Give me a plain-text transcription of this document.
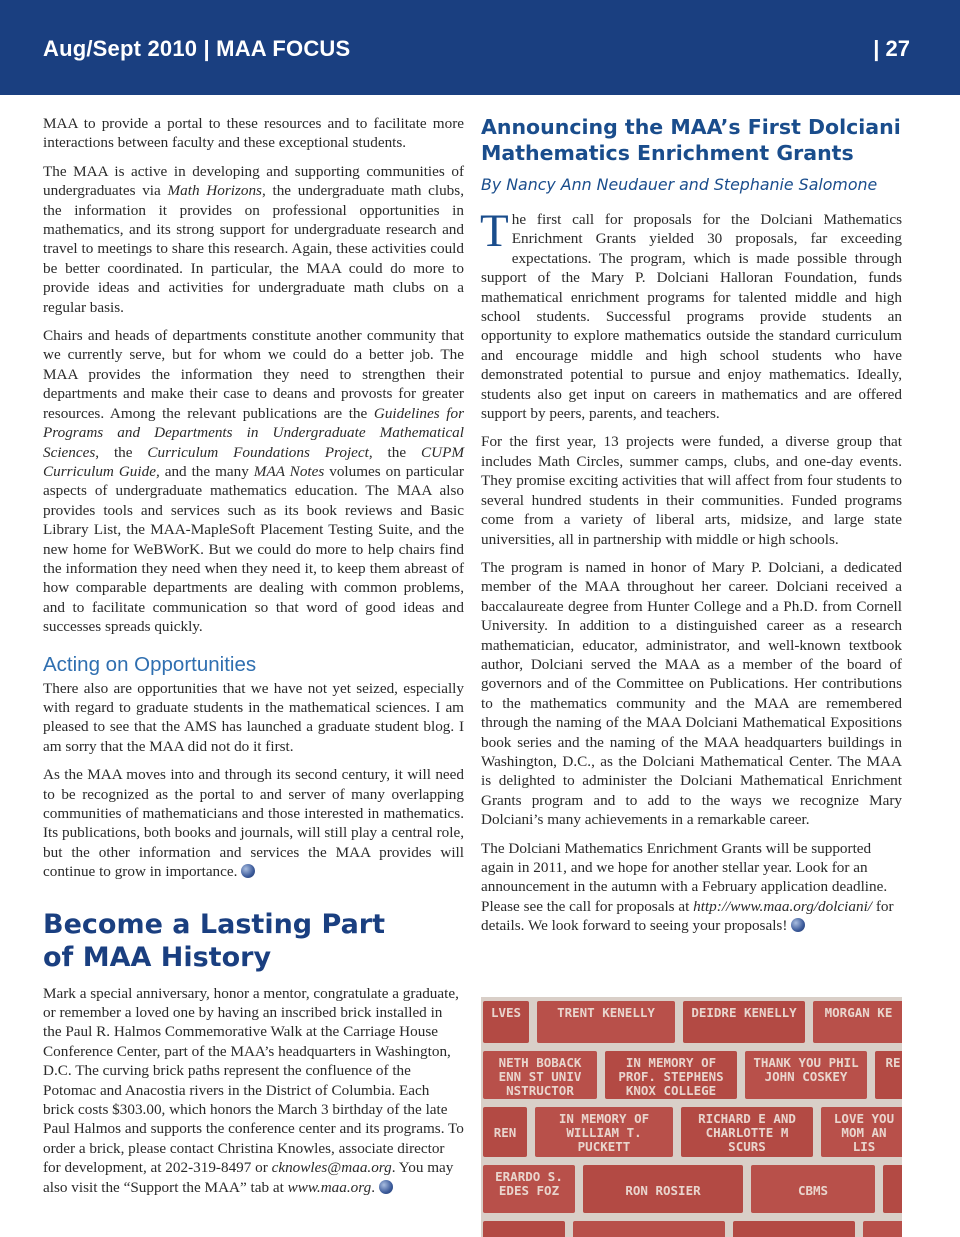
Aug/Sept 2010 | MAA FOCUS	| 27

MAA to provide a portal to these resources and to facilitate more interactions between faculty and these exceptional students.

The MAA is active in developing and supporting communities of undergraduates via Math Horizons, the undergraduate math clubs, the information it provides on professional opportunities in mathematics, and its strong support for undergraduate research and travel to meetings to share this research. Again, these activities could be better coordinated. In particular, the MAA could do more to provide ideas and activities for undergraduate math clubs on a regular basis.

Chairs and heads of departments constitute another community that we currently serve, but for whom we could do a better job. The MAA provides the information they need to strengthen their departments and make their case to deans and provosts for greater resources. Among the relevant publications are the Guidelines for Programs and Departments in Undergraduate Mathematical Sciences, the Curriculum Foundations Project, the CUPM Curriculum Guide, and the many MAA Notes volumes on particular aspects of undergraduate mathematics education. The MAA also provides tools and services such as its book reviews and Basic Library List, the MAA-MapleSoft Placement Testing Suite, and the new home for WeBWorK. But we could do more to help chairs find the information they need when they need it, to keep them abreast of how comparable departments are dealing with common problems, and to facilitate communication so that word of good ideas and successes spreads quickly.

Acting on Opportunities

There also are opportunities that we have not yet seized, especially with regard to graduate students in the mathematical sciences. I am pleased to see that the AMS has launched a graduate student blog. I am sorry that the MAA did not do it first.

As the MAA moves into and through its second century, it will need to be recognized as the portal to and server of many overlapping communities of mathematicians and those interested in mathematics. Its publications, both books and journals, will still play a central role, but the other information and services the MAA provides will continue to grow in importance.

Become a Lasting Part
of MAA History

Mark a special anniversary, honor a mentor, congratulate a graduate, or remember a loved one by having an inscribed brick installed in the Paul R. Halmos Commemorative Walk at the Carriage House Conference Center, part of the MAA’s headquarters in Washington, D.C. The curving brick paths represent the confluence of the Potomac and Anacostia rivers in the District of Columbia. Each brick costs $303.00, which honors the March 3 birthday of the late Paul Halmos and supports the conference center and its programs. To order a brick, please contact Christina Knowles, associate director for development, at 202-319-8497 or cknowles@maa.org. You may also visit the “Support the MAA” tab at www.maa.org.

Announcing the MAA’s First Dolciani Mathematics Enrichment Grants
By Nancy Ann Neudauer and Stephanie Salomone

The first call for proposals for the Dolciani Mathematics Enrichment Grants yielded 30 proposals, far exceeding expectations. The program, which is made possible through support of the Mary P. Dolciani Halloran Foundation, funds mathematical enrichment programs for talented middle and high school students. Successful programs provide students an opportunity to explore mathematics outside the standard curriculum and encourage middle and high school students who have demonstrated potential to pursue and enjoy mathematics. Ideally, students also get input on careers in mathematics and are offered support by peers, parents, and teachers.

For the first year, 13 projects were funded, a diverse group that includes Math Circles, summer camps, clubs, and one-day events. They promise exciting activities that will affect from four students to several hundred students in their communities. Funded programs come from a variety of liberal arts, midsize, and large state universities, all in partnership with middle or high schools.

The program is named in honor of Mary P. Dolciani, a dedicated member of the MAA throughout her career. Dolciani received a baccalaureate degree from Hunter College and a Ph.D. from Cornell University. In addition to a distinguished career as a research mathematician, educator, administrator, and well-known textbook author, Dolciani served the MAA as a member of the board of governors and of the Committee on Publications. Her contributions to the mathematics community and the MAA are remembered through the naming of the MAA Dolciani Mathematical Expositions book series and the naming of the MAA headquarters buildings in Washington, D.C., as the Dolciani Mathematical Center. The MAA is delighted to administer the Dolciani Mathematical Enrichment Grants program and to add to the ways we recognize Mary Dolciani’s many achievements in a remarkable career.

The Dolciani Mathematics Enrichment Grants will be supported again in 2011, and we hope for another stellar year. Look for an announcement in the autumn with a February application deadline. Please see the call for proposals at http://www.maa.org/dolciani/ for details. We look forward to seeing your proposals!

LVES	TRENT KENELLY	DEIDRE KENELLY MORGAN KE
NETH BOBACK	IN MEMORY OF	THANK YOU PHIL RE
ENN ST UNIV	PROF. STEPHENS	JOHN COSKEY
NSTRUCTOR	KNOX COLLEGE
IN MEMORY OF	RICHARD E AND	LOVE YOU
REN	WILLIAM T.	CHARLOTTE M	MOM AN
PUCKETT	SCURS	LIS
ERARDO S.
RON ROSIER	CBMS
EDES FOZ
